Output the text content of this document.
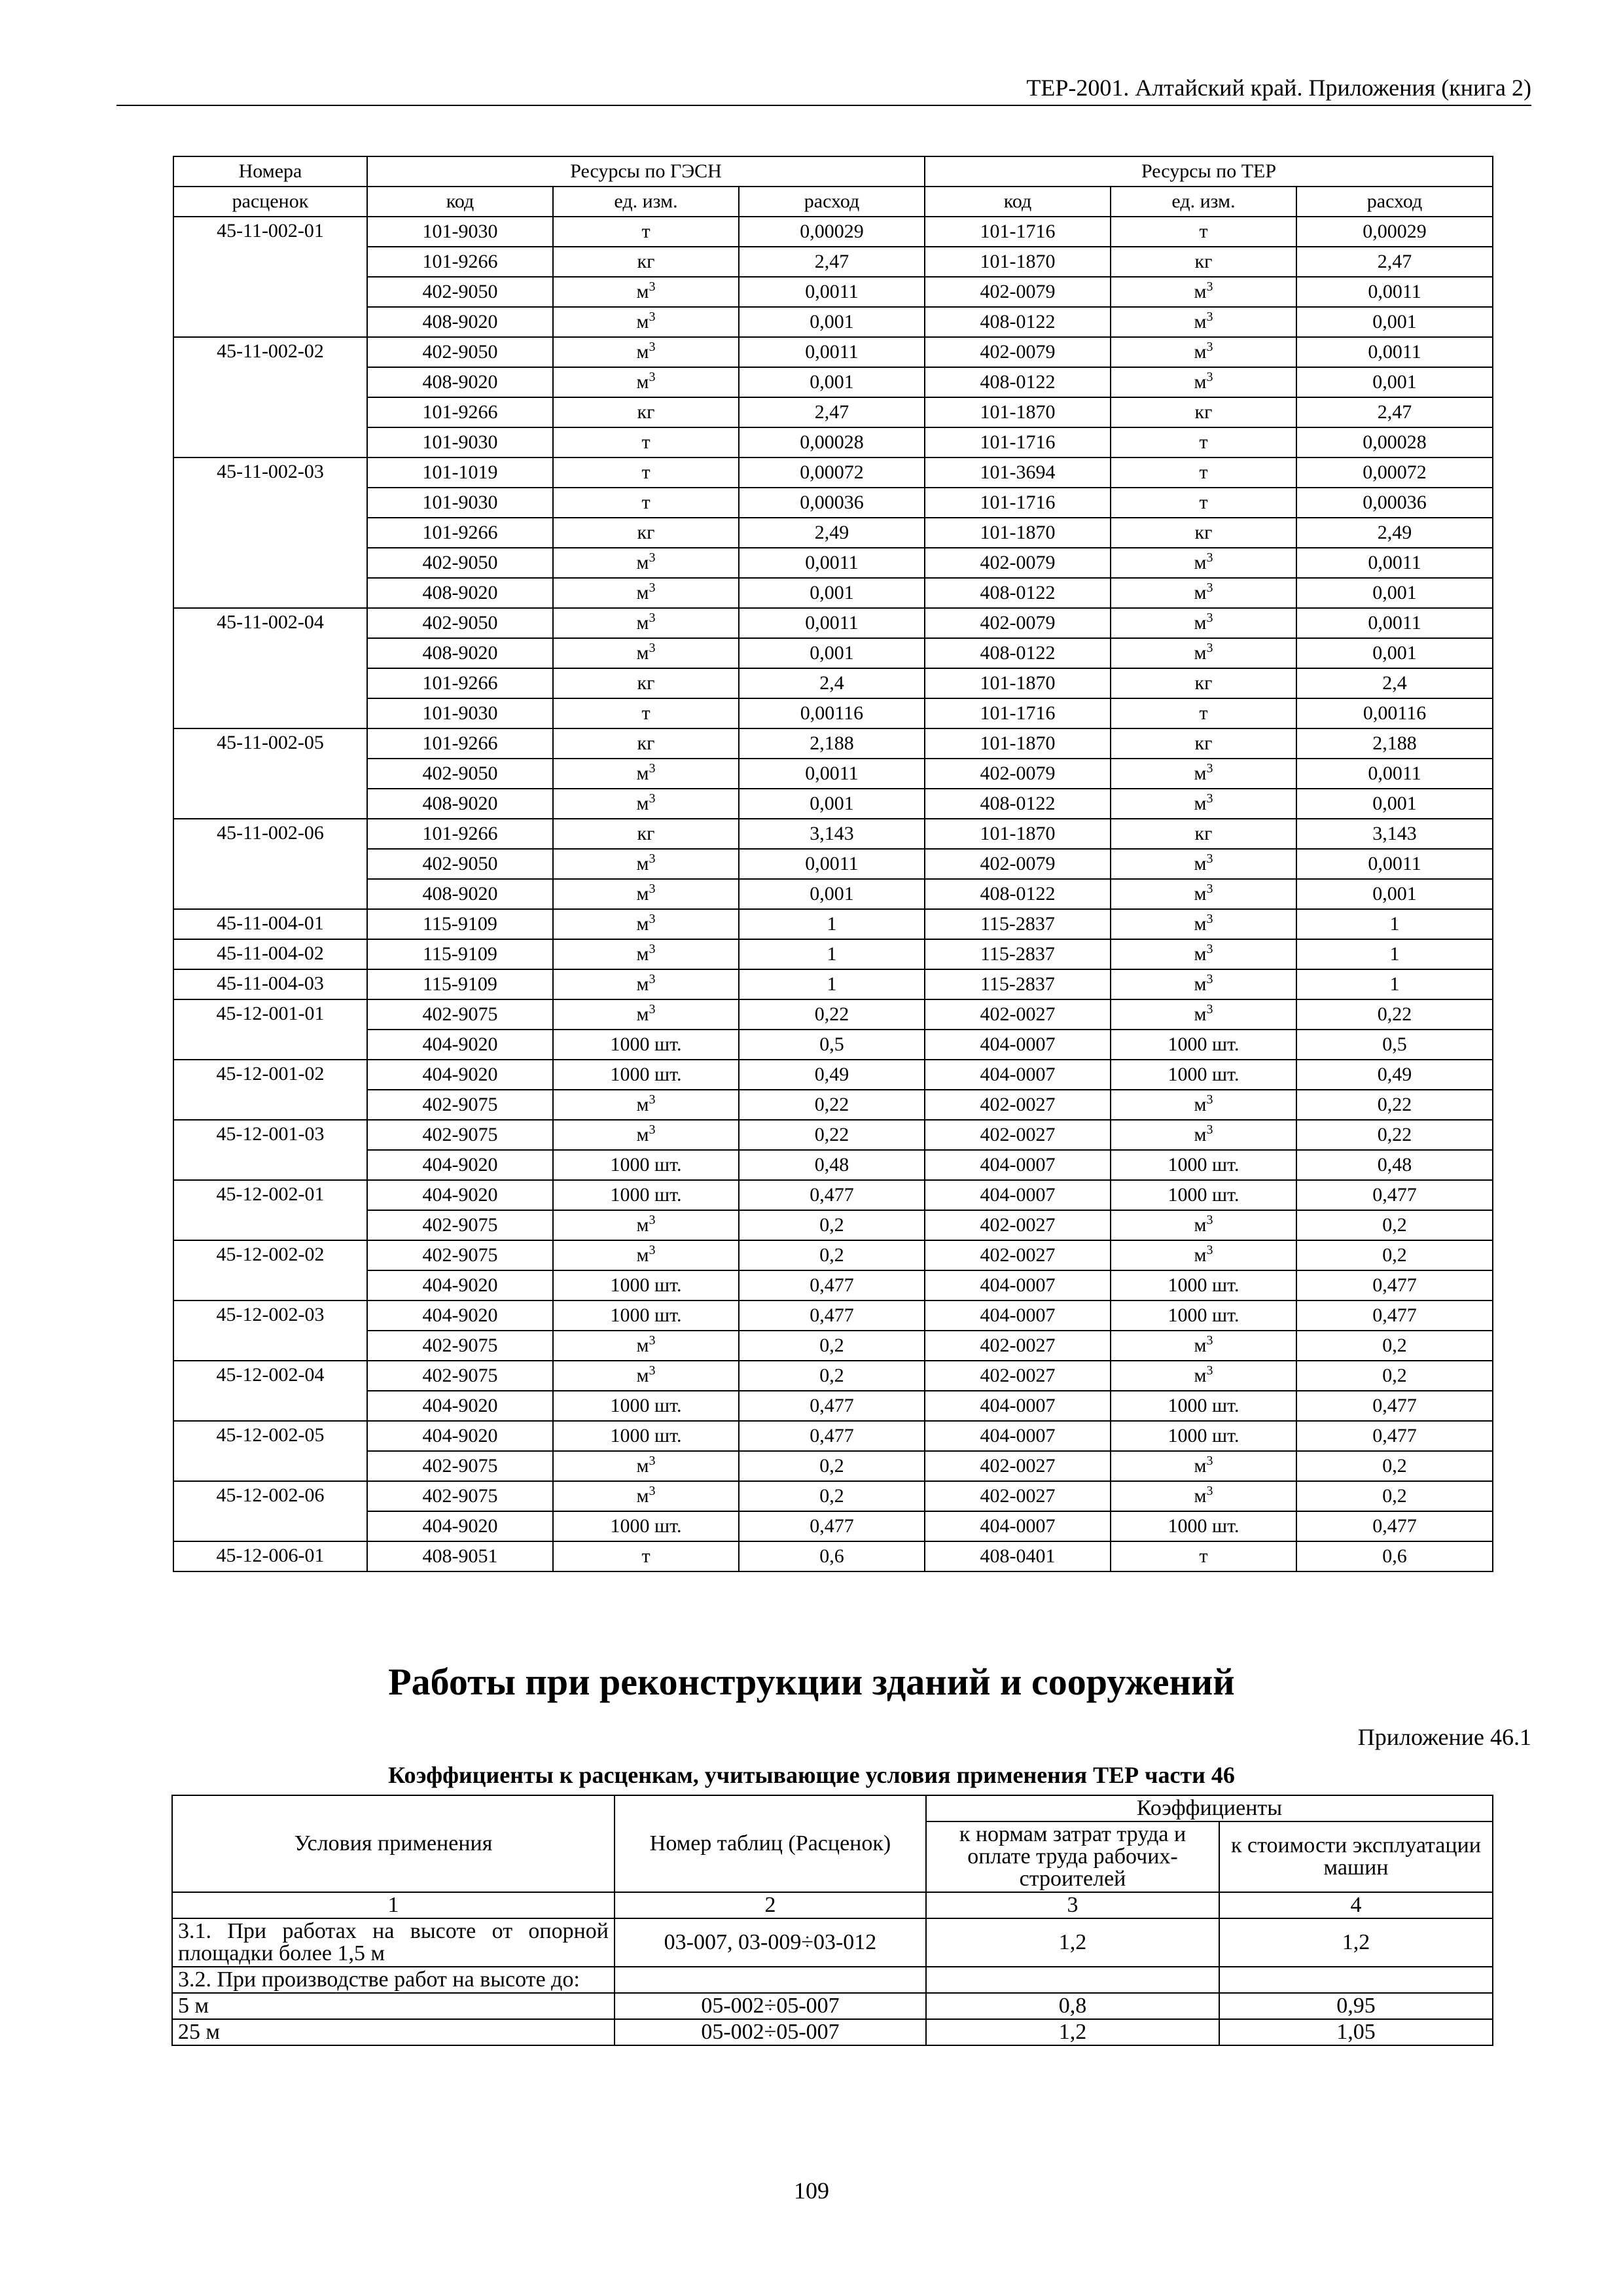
ТЕР-2001. Алтайский край. Приложения (книга 2)
Номера	Ресурсы по ГЭСН			Ресурсы по ТЕР		
расценок	код	ед. изм.	расход	код	ед. изм.	расход
45-11-002-01	101-9030	т	0,00029	101-1716	т	0,00029
	101-9266	кг	2,47	101-1870	кг	2,47
	402-9050	$м^3$	0,0011	402-0079	$м^3$	0,0011
	408-9020	$м^3$	0,001	408-0122	$м^3$	0,001
45-11-002-02	402-9050	$м^3$	0,0011	402-0079	$м^3$	0,0011
	408-9020	$м^3$	0,001	408-0122	$м^3$	0,001
	101-9266	кг	2,47	101-1870	кг	2,47
	101-9030	т	0,00028	101-1716	т	0,00028
45-11-002-03	101-1019	т	0,00072	101-3694	т	0,00072
	101-9030	т	0,00036	101-1716	т	0,00036
	101-9266	кг	2,49	101-1870	кг	2,49
	402-9050	$м^3$	0,0011	402-0079	$м^3$	0,0011
	408-9020	$м^3$	0,001	408-0122	$м^3$	0,001
45-11-002-04	402-9050	$м^3$	0,0011	402-0079	$м^3$	0,0011
	408-9020	$м^3$	0,001	408-0122	$м^3$	0,001
	101-9266	кг	2,4	101-1870	кг	2,4
	101-9030	т	0,00116	101-1716	т	0,00116
45-11-002-05	101-9266	кг	2,188	101-1870	кг	2,188
	402-9050	$м^3$	0,0011	402-0079	$м^3$	0,0011
	408-9020	$м^3$	0,001	408-0122	$м^3$	0,001
45-11-002-06	101-9266	кг	3,143	101-1870	кг	3,143
	402-9050	$м^3$	0,0011	402-0079	$м^3$	0,0011
	408-9020	$м^3$	0,001	408-0122	$м^3$	0,001
45-11-004-01	115-9109	$м^3$	1	115-2837	$м^3$	1
45-11-004-02	115-9109	$м^3$	1	115-2837	$м^3$	1
45-11-004-03	115-9109	$м^3$	1	115-2837	$м^3$	1
45-12-001-01	402-9075	$м^3$	0,22	402-0027	$м^3$	0,22
	404-9020	1000 шт.	0,5	404-0007	1000 шт.	0,5
45-12-001-02	404-9020	1000 шт.	0,49	404-0007	1000 шт.	0,49
	402-9075	$м^3$	0,22	402-0027	$м^3$	0,22
45-12-001-03	402-9075	$м^3$	0,22	402-0027	$м^3$	0,22
	404-9020	1000 шт.	0,48	404-0007	1000 шт.	0,48
45-12-002-01	404-9020	1000 шт.	0,477	404-0007	1000 шт.	0,477
	402-9075	$м^3$	0,2	402-0027	$м^3$	0,2
45-12-002-02	402-9075	$м^3$	0,2	402-0027	$м^3$	0,2
	404-9020	1000 шт.	0,477	404-0007	1000 шт.	0,477
45-12-002-03	404-9020	1000 шт.	0,477	404-0007	1000 шт.	0,477
	402-9075	$м^3$	0,2	402-0027	$м^3$	0,2
45-12-002-04	402-9075	$м^3$	0,2	402-0027	$м^3$	0,2
	404-9020	1000 шт.	0,477	404-0007	1000 шт.	0,477
45-12-002-05	404-9020	1000 шт.	0,477	404-0007	1000 шт.	0,477
	402-9075	$м^3$	0,2	402-0027	$м^3$	0,2
45-12-002-06	402-9075	$м^3$	0,2	402-0027	$м^3$	0,2
	404-9020	1000 шт.	0,477	404-0007	1000 шт.	0,477
45-12-006-01	408-9051	т	0,6	408-0401	т	0,6
Работы при реконструкции зданий и сооружений
Приложение 46.1
Коэффициенты к расценкам, учитывающие условия применения ТЕР части 46
Условия применения	Номер таблиц (Расценок)	Коэффициенты	
		к нормам затрат труда и оплате труда рабочих-строителей	к стоимости эксплуатации машин
1	2	3	4
3.1. При работах на высоте от опорной площадки более 1,5 м	03-007, 03-009÷03-012	1,2	1,2
3.2. При производстве работ на высоте до:			
5 м	05-002÷05-007	0,8	0,95
25 м	05-002÷05-007	1,2	1,05
109
